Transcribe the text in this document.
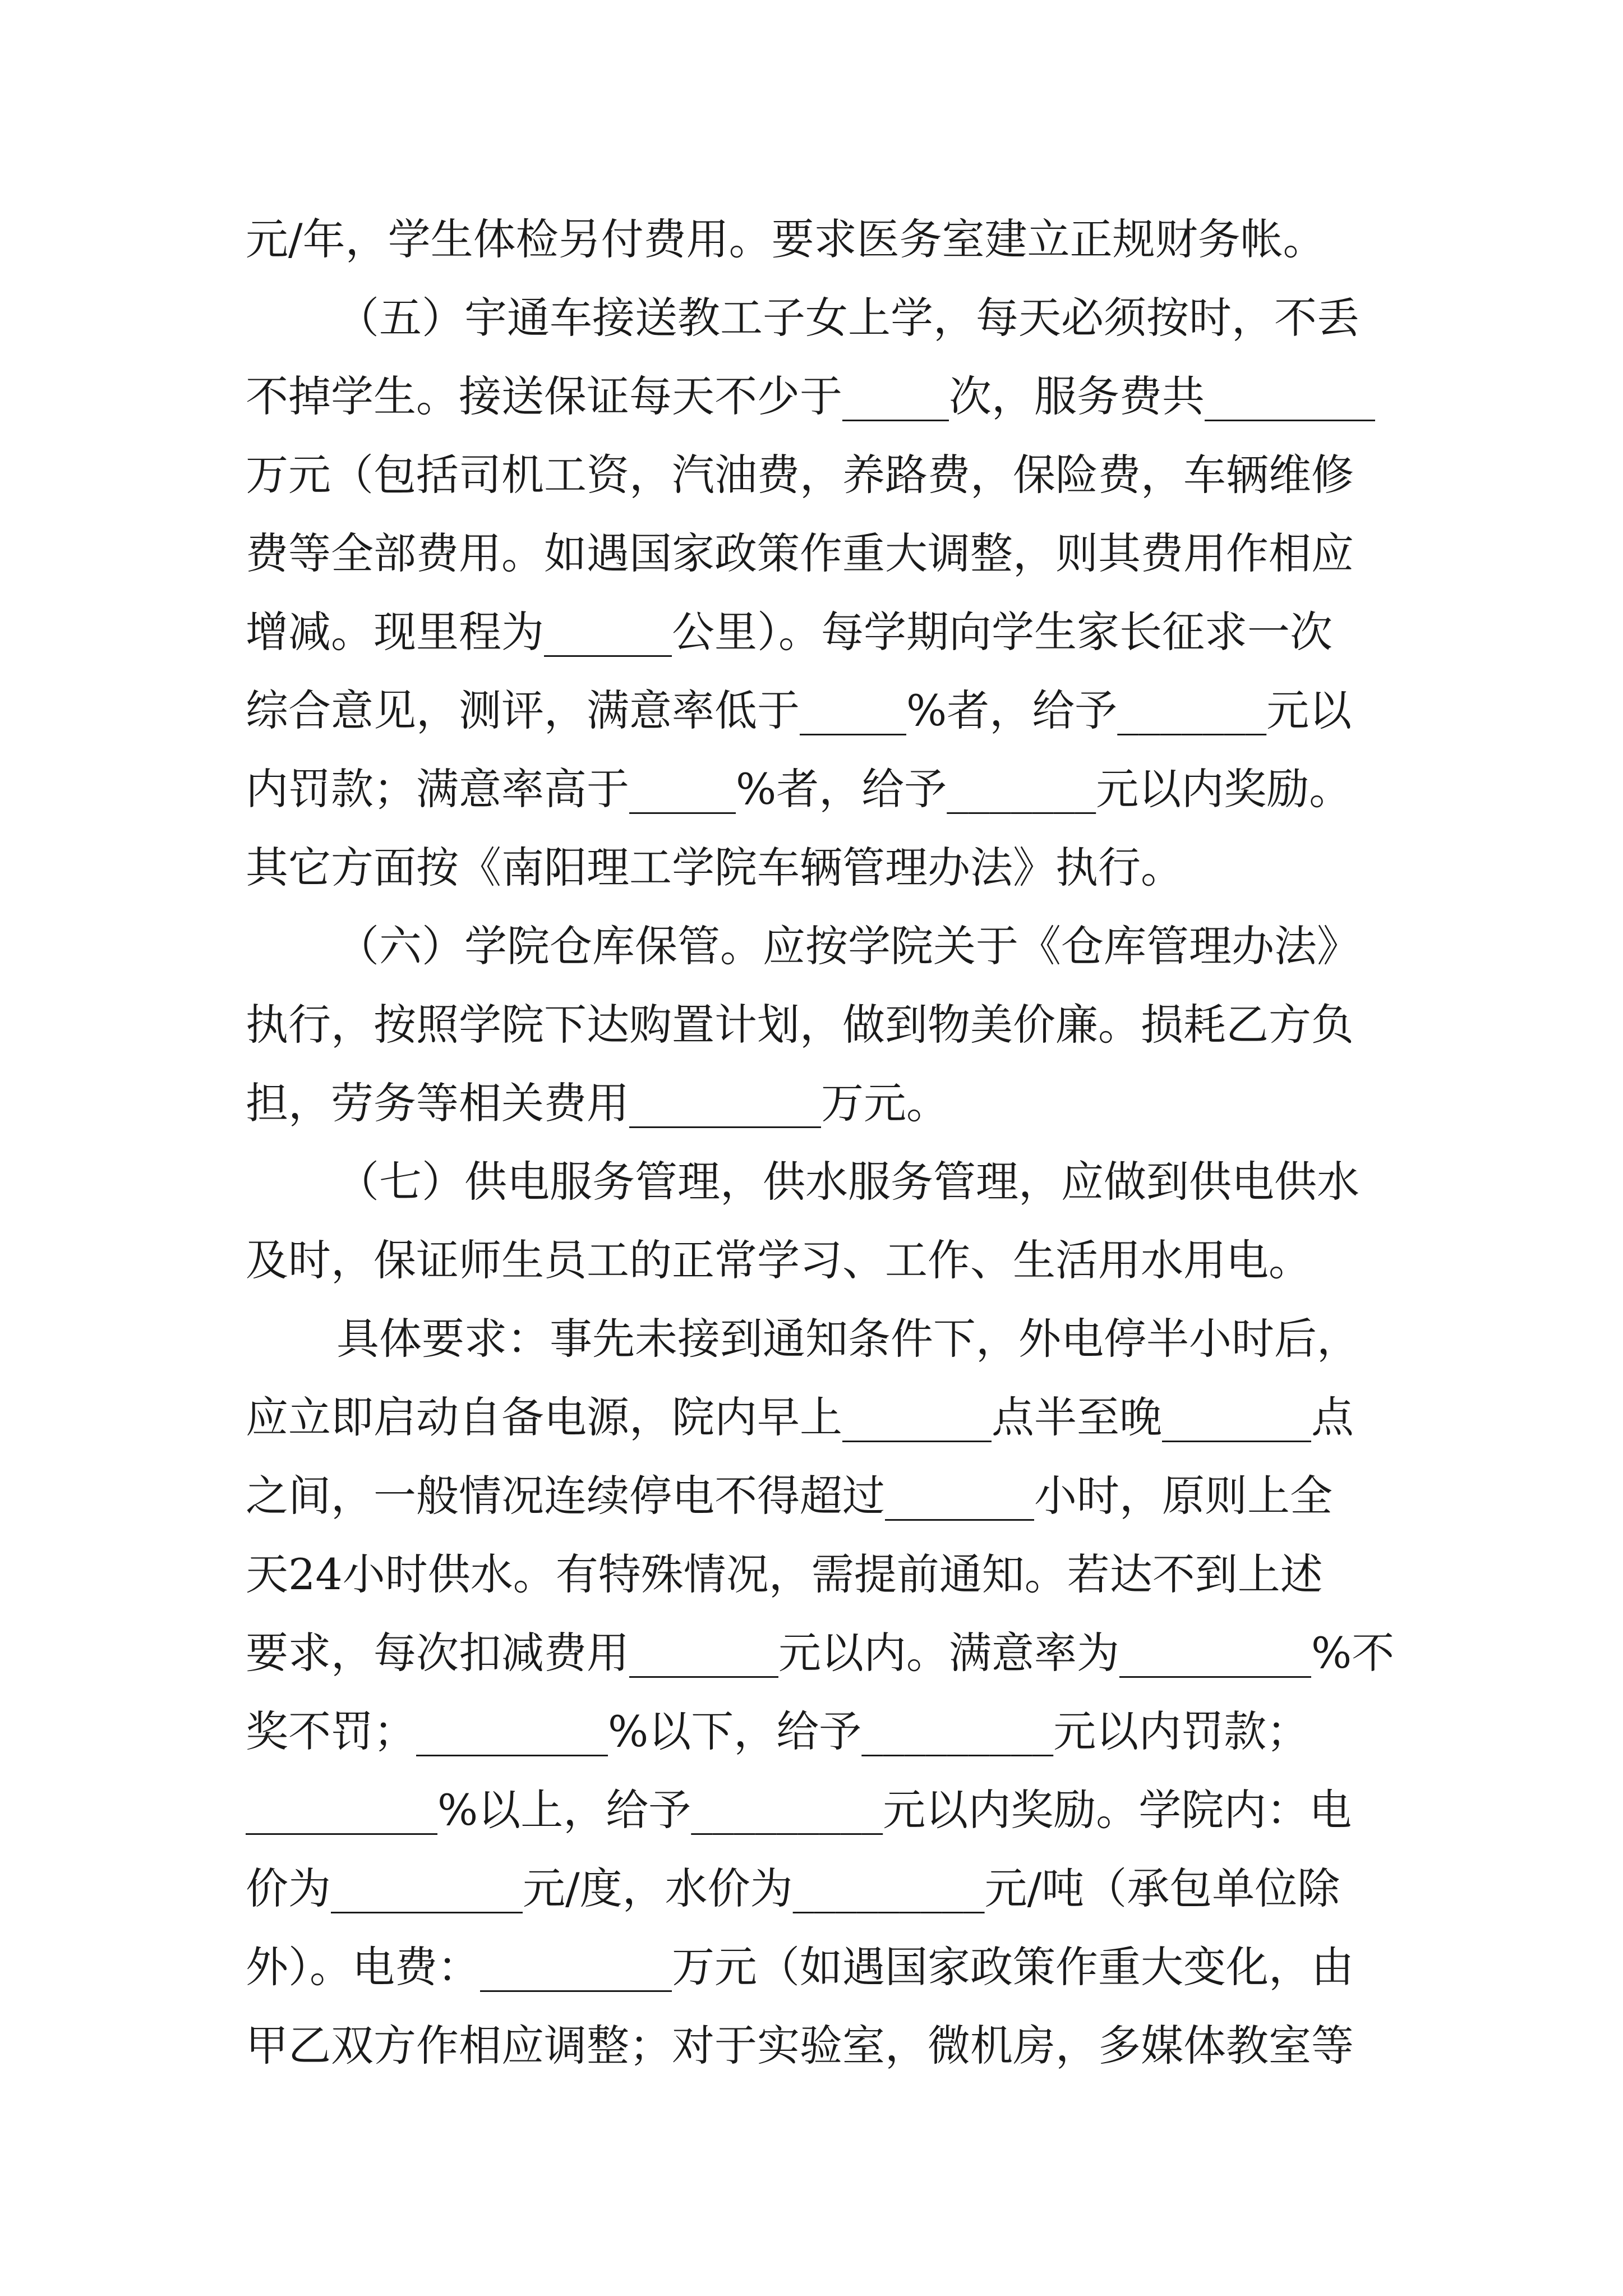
元/年，学生体检另付费用。要求医务室建立正规财务帐。
（五）宇通车接送教工子女上学，每天必须按时，不丢
不掉学生。接送保证每天不少于_____次，服务费共________
万元（包括司机工资，汽油费，养路费，保险费，车辆维修
费等全部费用。如遇国家政策作重大调整，则其费用作相应
增减。现里程为______公里）。每学期向学生家长征求一次
综合意见，测评，满意率低于_____%者，给予_______元以
内罚款；满意率高于_____%者，给予_______元以内奖励。
其它方面按《南阳理工学院车辆管理办法》执行。
（六）学院仓库保管。应按学院关于《仓库管理办法》
执行，按照学院下达购置计划，做到物美价廉。损耗乙方负
担，劳务等相关费用_________万元。
（七）供电服务管理，供水服务管理，应做到供电供水
及时，保证师生员工的正常学习、工作、生活用水用电。
具体要求：事先未接到通知条件下，外电停半小时后，
应立即启动自备电源，院内早上_______点半至晚_______点
之间，一般情况连续停电不得超过_______小时，原则上全
天24小时供水。有特殊情况，需提前通知。若达不到上述
要求，每次扣减费用_______元以内。满意率为_________%不
奖不罚；_________%以下，给予_________元以内罚款；
_________%以上，给予_________元以内奖励。学院内：电
价为_________元/度，水价为_________元/吨（承包单位除
外）。电费：_________万元（如遇国家政策作重大变化，由
甲乙双方作相应调整；对于实验室，微机房，多媒体教室等
